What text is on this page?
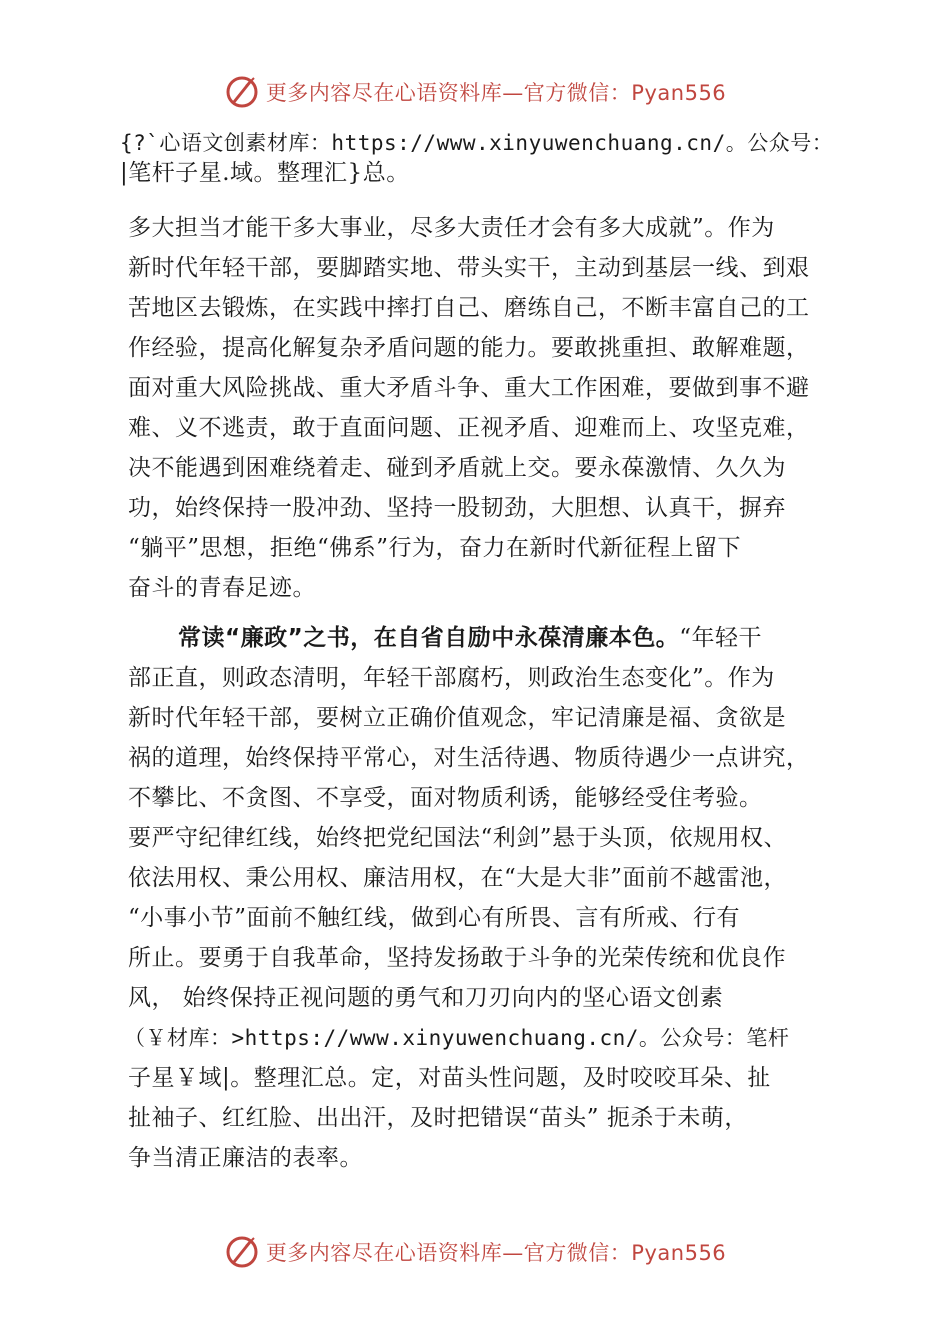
更多内容尽在心语资料库—官方微信：Pyan556
{?`心语文创素材库：https://www.xinyuwenchuang.cn/。公众号：
|笔杆子星.域。整理汇}总。
多大担当才能干多大事业，尽多大责任才会有多大成就”。作为
新时代年轻干部，要脚踏实地、带头实干，主动到基层一线、到艰
苦地区去锻炼，在实践中摔打自己、磨练自己，不断丰富自己的工
作经验，提高化解复杂矛盾问题的能力。要敢挑重担、敢解难题，
面对重大风险挑战、重大矛盾斗争、重大工作困难，要做到事不避
难、义不逃责，敢于直面问题、正视矛盾、迎难而上、攻坚克难，
决不能遇到困难绕着走、碰到矛盾就上交。要永葆激情、久久为
功，始终保持一股冲劲、坚持一股韧劲，大胆想、认真干，摒弃
“躺平”思想，拒绝“佛系”行为，奋力在新时代新征程上留下
奋斗的青春足迹。
常读“廉政”之书，在自省自励中永葆清廉本色。“年轻干
部正直，则政态清明，年轻干部腐朽，则政治生态变化”。作为
新时代年轻干部，要树立正确价值观念，牢记清廉是福、贪欲是
祸的道理，始终保持平常心，对生活待遇、物质待遇少一点讲究，
不攀比、不贪图、不享受，面对物质利诱，能够经受住考验。
要严守纪律红线，始终把党纪国法“利剑”悬于头顶，依规用权、
依法用权、秉公用权、廉洁用权，在“大是大非”面前不越雷池，
“小事小节”面前不触红线，做到心有所畏、言有所戒、行有
所止。要勇于自我革命，坚持发扬敢于斗争的光荣传统和优良作
风， 始终保持正视问题的勇气和刀刃向内的坚心语文创素
（￥材库：>https://www.xinyuwenchuang.cn/。公众号：笔杆
子星￥域|。整理汇总。定，对苗头性问题，及时咬咬耳朵、扯
扯袖子、红红脸、出出汗，及时把错误“苗头” 扼杀于未萌，
争当清正廉洁的表率。
更多内容尽在心语资料库—官方微信：Pyan556
